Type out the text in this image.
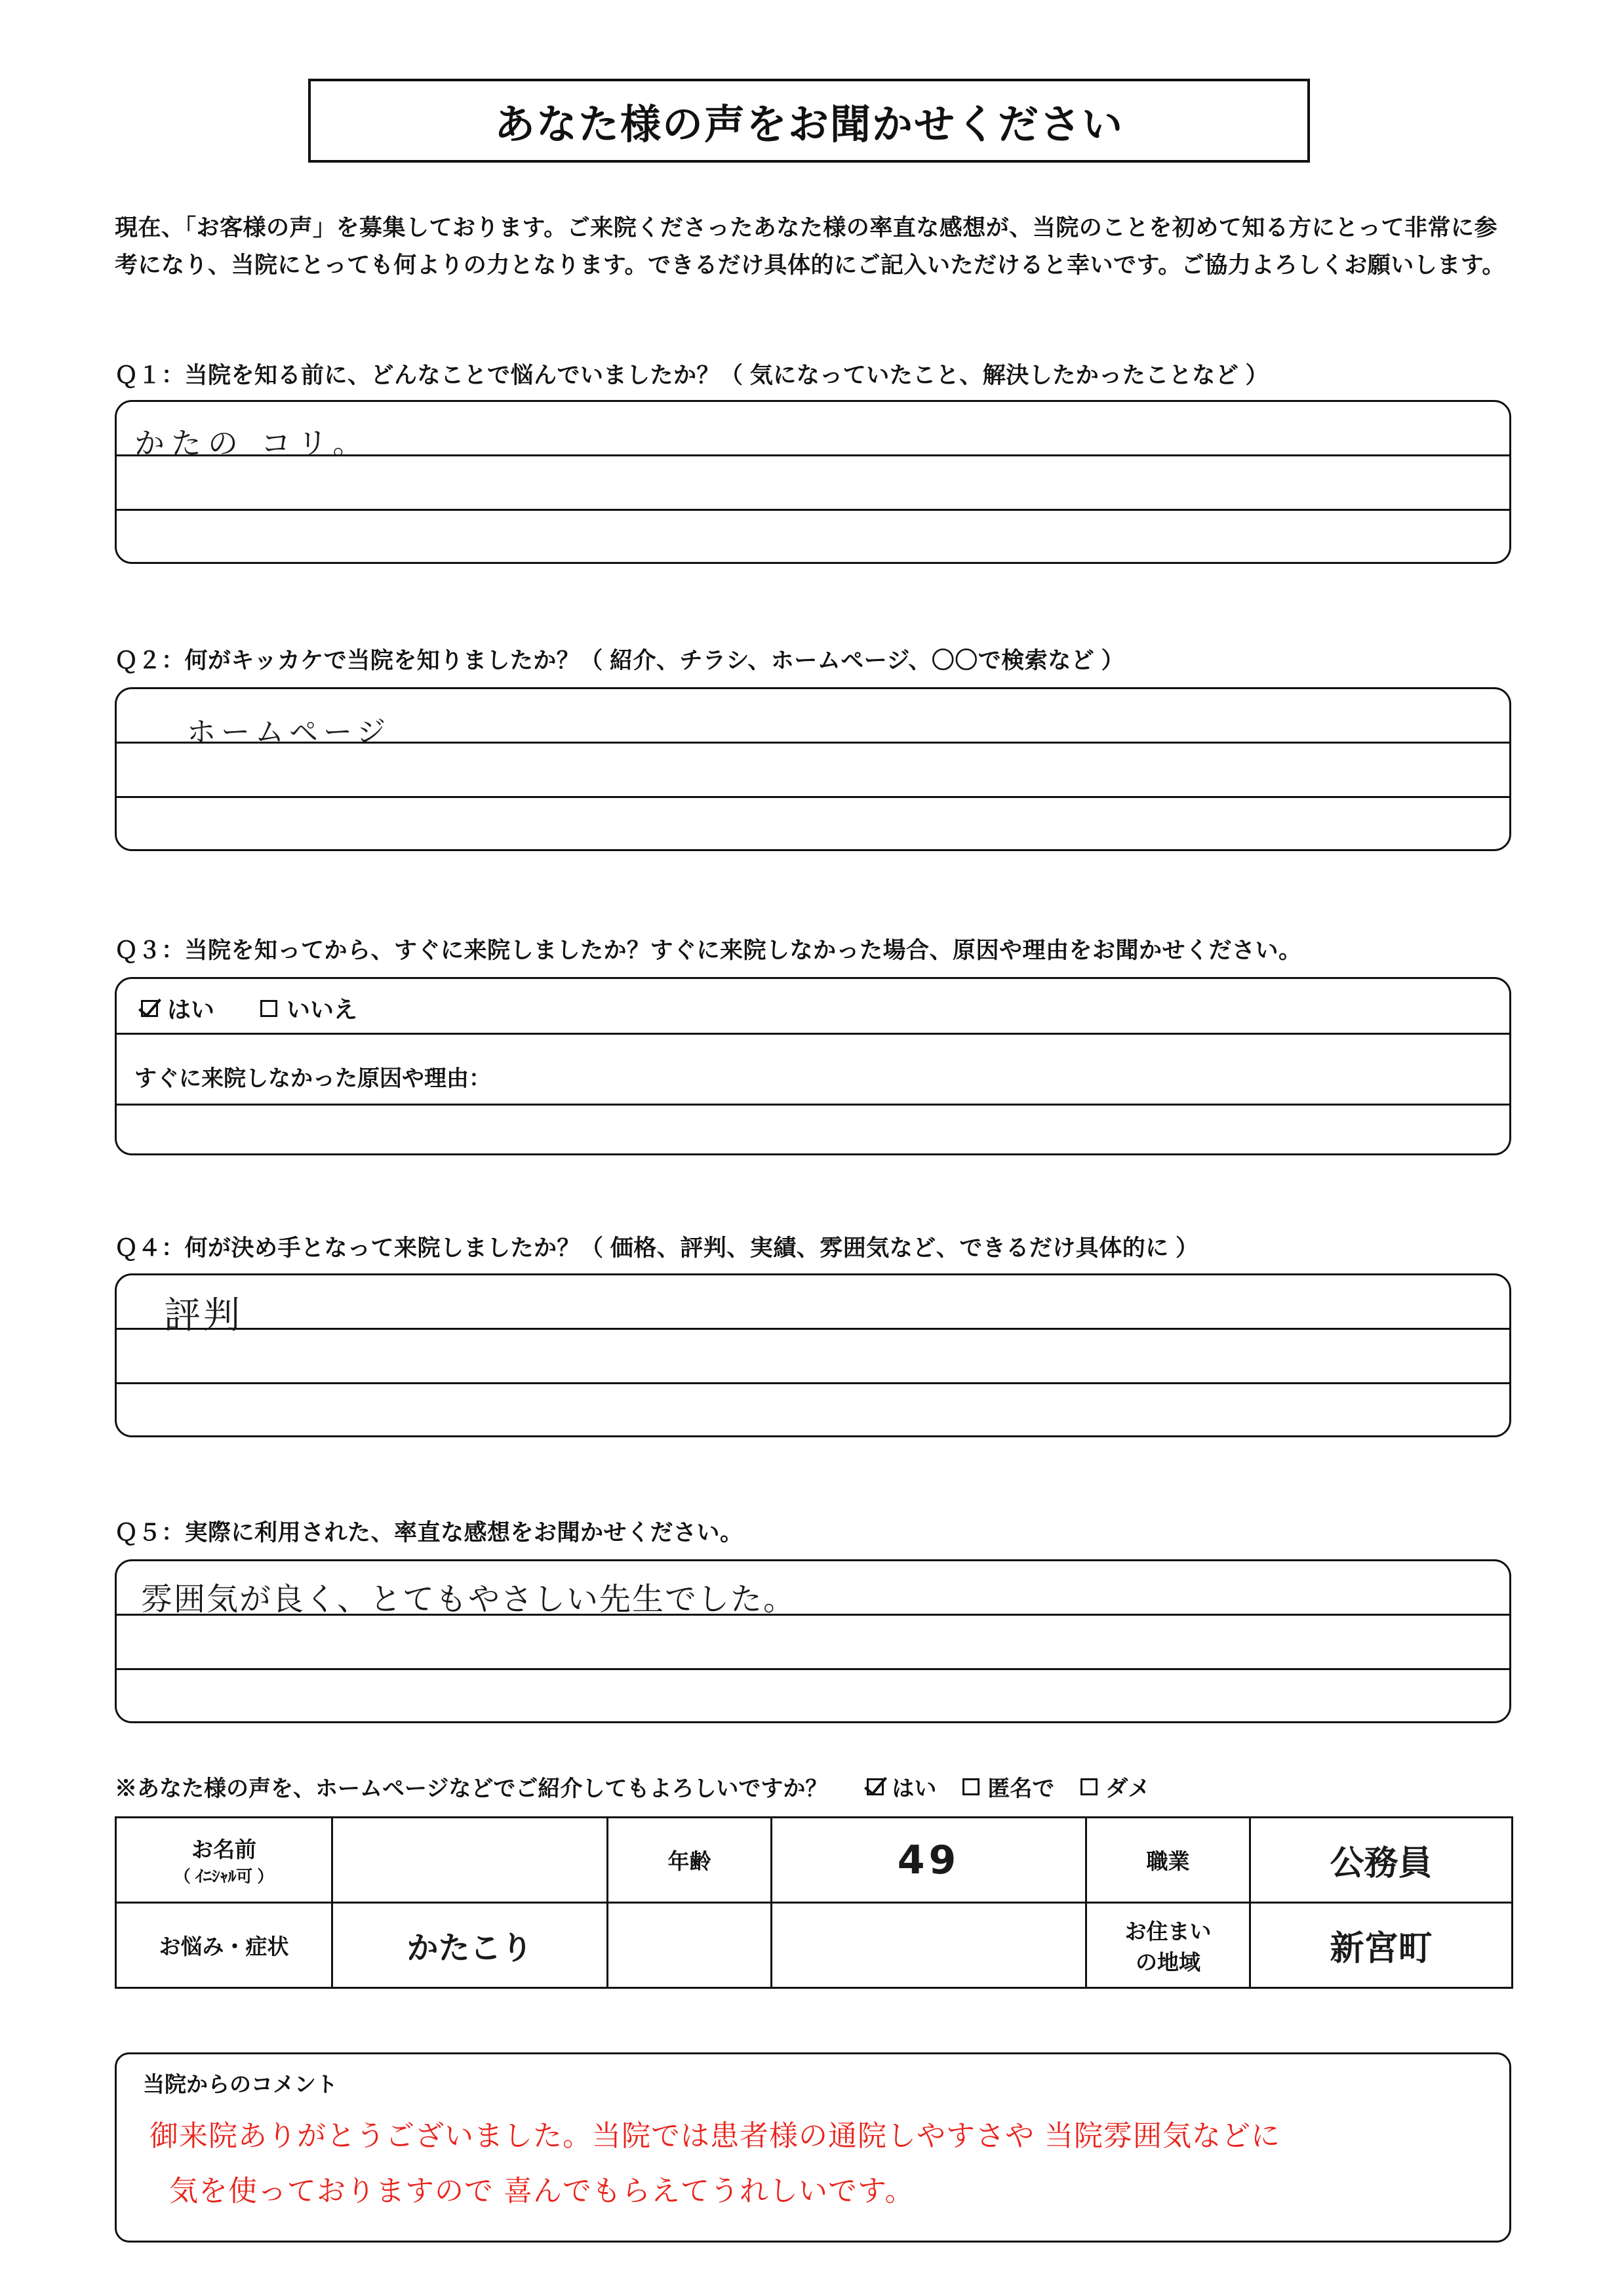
あなた様の声をお聞かせください
現在、「お客様の声」を募集しております。ご来院くださったあなた様の率直な感想が、当院のことを初めて知る方にとって非常に参考になり、当院にとっても何よりの力となります。できるだけ具体的にご記入いただけると幸いです。ご協力よろしくお願いします。
Ｑ１：当院を知る前に、どんなことで悩んでいましたか？（ 気になっていたこと、解決したかったことなど ）
かたの コリ。
Ｑ２：何がキッカケで当院を知りましたか？（ 紹介、チラシ、ホームページ、〇〇で検索など ）
ホームページ
Ｑ３：当院を知ってから、すぐに来院しましたか？すぐに来院しなかった場合、原因や理由をお聞かせください。
はい	いいえ
すぐに来院しなかった原因や理由：
Ｑ４：何が決め手となって来院しましたか？（ 価格、評判、実績、雰囲気など、できるだけ具体的に ）
評判
Ｑ５：実際に利用された、率直な感想をお聞かせください。
雰囲気が良く、とてもやさしい先生でした。
※あなた様の声を、ホームページなどでご紹介してもよろしいですか？	はい 匿名で ダメ
お名前
（ ｲﾆｼｬﾙ可 ）		年齢	49	職業	公務員
お悩み・症状	かたこり			お住まい
の地域	新宮町
当院からのコメント
御来院ありがとうございました。当院では患者様の通院しやすさや 当院雰囲気などに
気を使っておりますので 喜んでもらえてうれしいです。
